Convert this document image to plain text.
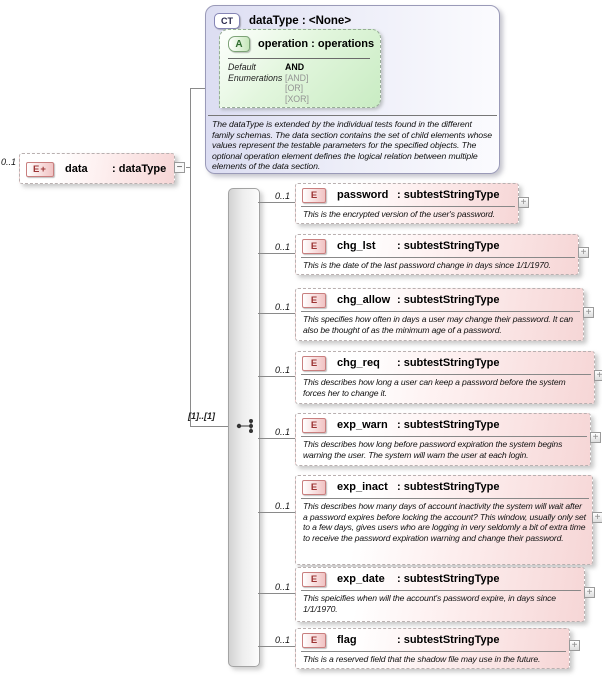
CT	dataType : <None>
A	operation : operations
Default	AND
Enumerations [AND]
[OR]
[XOR]
The dataType is extended by the individual tests found in the different family schemas. The data section contains the set of child elements whose values represent the testable parameters for the specified objects. The optional operation element defines the logical relation between multiple elements of the data section.
0..1
E+	data	: dataType −
[1]..[1]
0..1	E	password : subtestStringType
This is the encrypted version of the user's password.
+
0..1	E	chg_lst	: subtestStringType
This is the date of the last password change in days since 1/1/1970.
+
0..1
E	chg_allow : subtestStringType
This specifies how often in days a user may change their password. It can also be thought of as the minimum age of a password.
+
0..1
E	chg_req	: subtestStringType
This describes how long a user can keep a password before the system forces her to change it.
+
0..1
E	exp_warn : subtestStringType
This describes how long before password expiration the system begins warning the user. The system will warn the user at each login.
+
0..1
E	exp_inact : subtestStringType
This describes how many days of account inactivity the system will wait after a password expires before locking the account? This window, usually only set to a few days, gives users who are logging in very seldomly a bit of extra time to receive the password expiration warning and change their password.
+
0..1
E	exp_date	: subtestStringType
This speicifies when will the account's password expire, in days since 1/1/1970.
+
0..1	E	flag	: subtestStringType
This is a reserved field that the shadow file may use in the future.
+
